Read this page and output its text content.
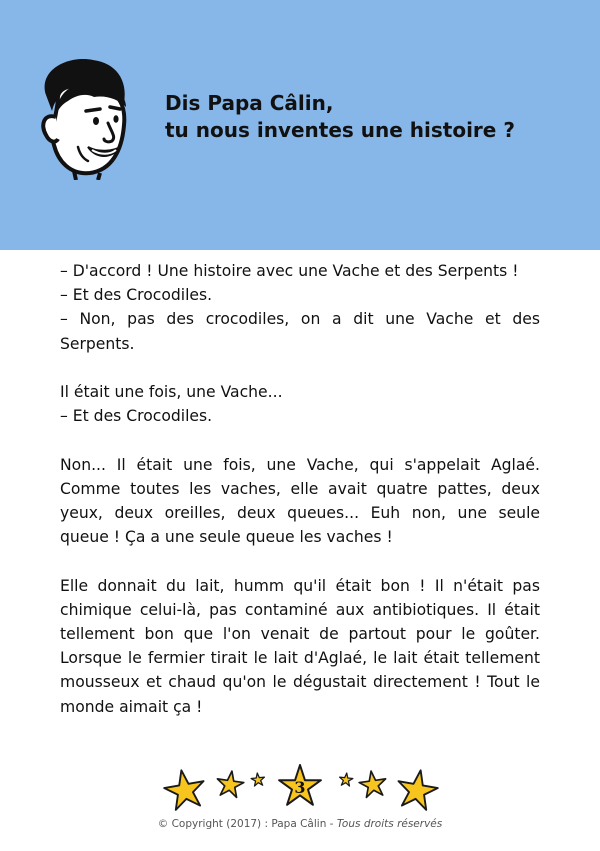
Dis Papa Câlin,
tu nous inventes une histoire ?

– D'accord ! Une histoire avec une Vache et des Serpents !

– Et des Crocodiles.

– Non, pas des crocodiles, on a dit une Vache et des Serpents.

Il était une fois, une Vache...

– Et des Crocodiles.

Non... Il était une fois, une Vache, qui s'appelait Aglaé. Comme toutes les vaches, elle avait quatre pattes, deux yeux, deux oreilles, deux queues... Euh non, une seule queue ! Ça a une seule queue les vaches !

Elle donnait du lait, humm qu'il était bon ! Il n'était pas chimique celui-là, pas contaminé aux antibiotiques. Il était tellement bon que l'on venait de partout pour le goûter. Lorsque le fermier tirait le lait d'Aglaé, le lait était tellement mousseux et chaud qu'on le dégustait directement ! Tout le monde aimait ça !

3
© Copyright (2017) : Papa Câlin - Tous droits réservés
